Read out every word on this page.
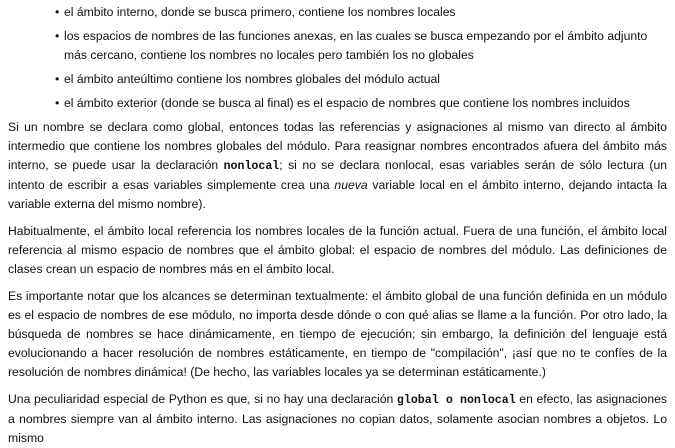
• el ámbito interno, donde se busca primero, contiene los nombres locales
• los espacios de nombres de las funciones anexas, en las cuales se busca empezando por el ámbito adjunto más cercano, contiene los nombres no locales pero también los no globales
• el ámbito anteúltimo contiene los nombres globales del módulo actual
• el ámbito exterior (donde se busca al final) es el espacio de nombres que contiene los nombres incluidos

Si un nombre se declara como global, entonces todas las referencias y asignaciones al mismo van directo al ámbito intermedio que contiene los nombres globales del módulo. Para reasignar nombres encontrados afuera del ámbito más interno, se puede usar la declaración nonlocal; si no se declara nonlocal, esas variables serán de sólo lectura (un intento de escribir a esas variables simplemente crea una nueva variable local en el ámbito interno, dejando intacta la variable externa del mismo nombre).

Habitualmente, el ámbito local referencia los nombres locales de la función actual. Fuera de una función, el ámbito local referencia al mismo espacio de nombres que el ámbito global: el espacio de nombres del módulo. Las definiciones de clases crean un espacio de nombres más en el ámbito local.

Es importante notar que los alcances se determinan textualmente: el ámbito global de una función definida en un módulo es el espacio de nombres de ese módulo, no importa desde dónde o con qué alias se llame a la función. Por otro lado, la búsqueda de nombres se hace dinámicamente, en tiempo de ejecución; sin embargo, la definición del lenguaje está evolucionando a hacer resolución de nombres estáticamente, en tiempo de "compilación", ¡así que no te confíes de la resolución de nombres dinámica! (De hecho, las variables locales ya se determinan estáticamente.)

Una peculiaridad especial de Python es que, si no hay una declaración global o nonlocal en efecto, las asignaciones a nombres siempre van al ámbito interno. Las asignaciones no copian datos, solamente asocian nombres a objetos. Lo mismo
